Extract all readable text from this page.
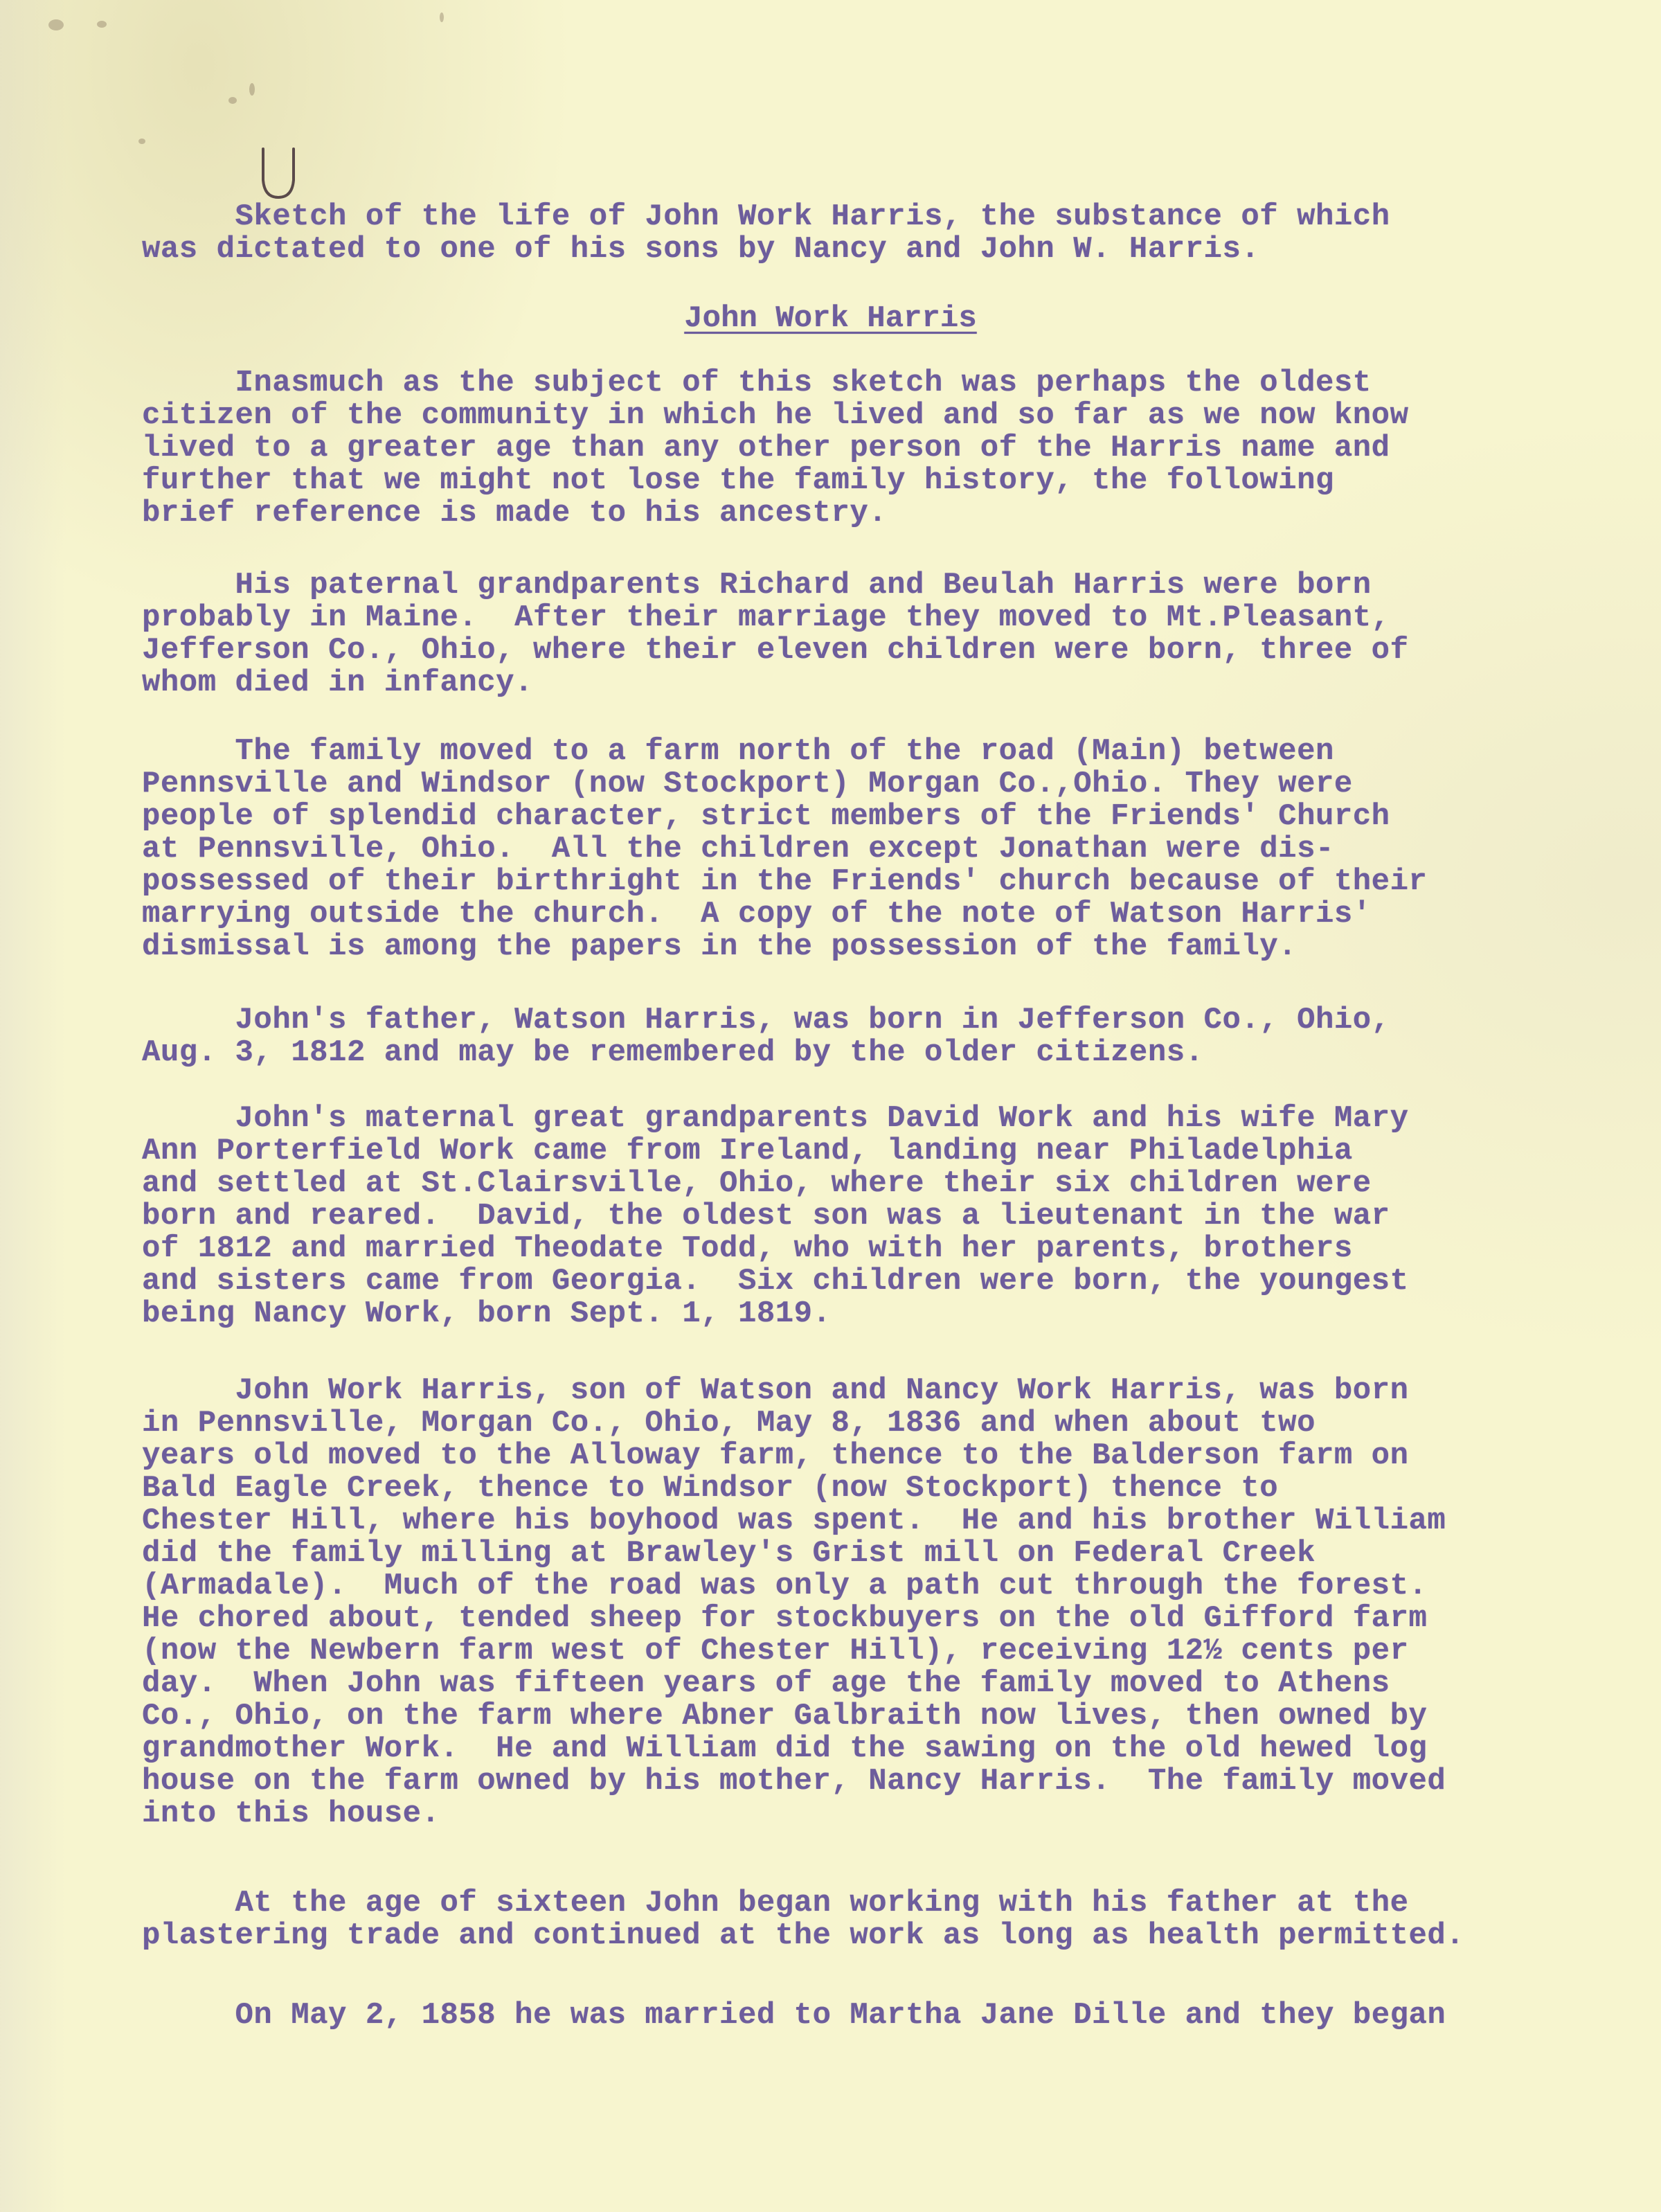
Sketch of the life of John Work Harris, the substance of which
was dictated to one of his sons by Nancy and John W. Harris.

John Work Harris

Inasmuch as the subject of this sketch was perhaps the oldest
citizen of the community in which he lived and so far as we now know
lived to a greater age than any other person of the Harris name and
further that we might not lose the family history, the following
brief reference is made to his ancestry.

His paternal grandparents Richard and Beulah Harris were born
probably in Maine.  After their marriage they moved to Mt.Pleasant,
Jefferson Co., Ohio, where their eleven children were born, three of
whom died in infancy.

The family moved to a farm north of the road (Main) between
Pennsville and Windsor (now Stockport) Morgan Co.,Ohio. They were
people of splendid character, strict members of the Friends' Church
at Pennsville, Ohio.  All the children except Jonathan were dis-
possessed of their birthright in the Friends' church because of their
marrying outside the church.  A copy of the note of Watson Harris'
dismissal is among the papers in the possession of the family.

John's father, Watson Harris, was born in Jefferson Co., Ohio,
Aug. 3, 1812 and may be remembered by the older citizens.

John's maternal great grandparents David Work and his wife Mary
Ann Porterfield Work came from Ireland, landing near Philadelphia
and settled at St.Clairsville, Ohio, where their six children were
born and reared.  David, the oldest son was a lieutenant in the war
of 1812 and married Theodate Todd, who with her parents, brothers
and sisters came from Georgia.  Six children were born, the youngest
being Nancy Work, born Sept. 1, 1819.

John Work Harris, son of Watson and Nancy Work Harris, was born
in Pennsville, Morgan Co., Ohio, May 8, 1836 and when about two
years old moved to the Alloway farm, thence to the Balderson farm on
Bald Eagle Creek, thence to Windsor (now Stockport) thence to
Chester Hill, where his boyhood was spent.  He and his brother William
did the family milling at Brawley's Grist mill on Federal Creek
(Armadale).  Much of the road was only a path cut through the forest.
He chored about, tended sheep for stockbuyers on the old Gifford farm
(now the Newbern farm west of Chester Hill), receiving 12½ cents per
day.  When John was fifteen years of age the family moved to Athens
Co., Ohio, on the farm where Abner Galbraith now lives, then owned by
grandmother Work.  He and William did the sawing on the old hewed log
house on the farm owned by his mother, Nancy Harris.  The family moved
into this house.

At the age of sixteen John began working with his father at the
plastering trade and continued at the work as long as health permitted.

On May 2, 1858 he was married to Martha Jane Dille and they began
